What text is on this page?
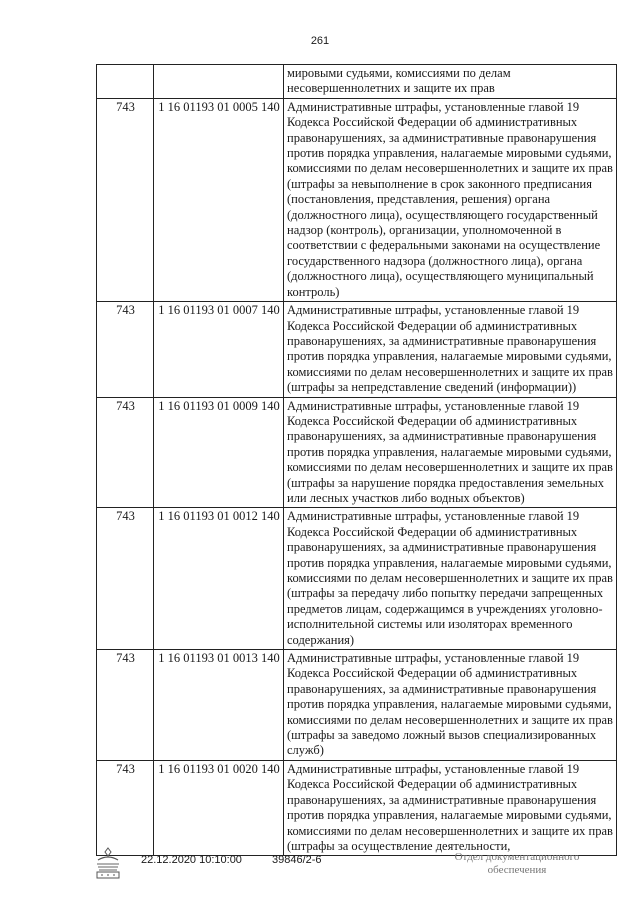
261
		мировыми судьями, комиссиями по делам несовершеннолетних и защите их прав
743	1 16 01193 01 0005 140	Административные штрафы, установленные главой 19 Кодекса Российской Федерации об административных правонарушениях, за административные правонарушения против порядка управления, налагаемые мировыми судьями, комиссиями по делам несовершеннолетних и защите их прав (штрафы за невыполнение в срок законного предписания (постановления, представления, решения) органа (должностного лица), осуществляющего государственный надзор (контроль), организации, уполномоченной в соответствии с федеральными законами на осуществление государственного надзора (должностного лица), органа (должностного лица), осуществляющего муниципальный контроль)
743	1 16 01193 01 0007 140	Административные штрафы, установленные главой 19 Кодекса Российской Федерации об административных правонарушениях, за административные правонарушения против порядка управления, налагаемые мировыми судьями, комиссиями по делам несовершеннолетних и защите их прав (штрафы за непредставление сведений (информации))
743	1 16 01193 01 0009 140	Административные штрафы, установленные главой 19 Кодекса Российской Федерации об административных правонарушениях, за административные правонарушения против порядка управления, налагаемые мировыми судьями, комиссиями по делам несовершеннолетних и защите их прав (штрафы за нарушение порядка предоставления земельных или лесных участков либо водных объектов)
743	1 16 01193 01 0012 140	Административные штрафы, установленные главой 19 Кодекса Российской Федерации об административных правонарушениях, за административные правонарушения против порядка управления, налагаемые мировыми судьями, комиссиями по делам несовершеннолетних и защите их прав (штрафы за передачу либо попытку передачи запрещенных предметов лицам, содержащимся в учреждениях уголовно-исполнительной системы или изоляторах временного содержания)
743	1 16 01193 01 0013 140	Административные штрафы, установленные главой 19 Кодекса Российской Федерации об административных правонарушениях, за административные правонарушения против порядка управления, налагаемые мировыми судьями, комиссиями по делам несовершеннолетних и защите их прав (штрафы за заведомо ложный вызов специализированных служб)
743	1 16 01193 01 0020 140	Административные штрафы, установленные главой 19 Кодекса Российской Федерации об административных правонарушениях, за административные правонарушения против порядка управления, налагаемые мировыми судьями, комиссиями по делам несовершеннолетних и защите их прав (штрафы за осуществление деятельности,
22.12.2020 10:10:00	39846/2-6	Отдел документационного
обеспечения
